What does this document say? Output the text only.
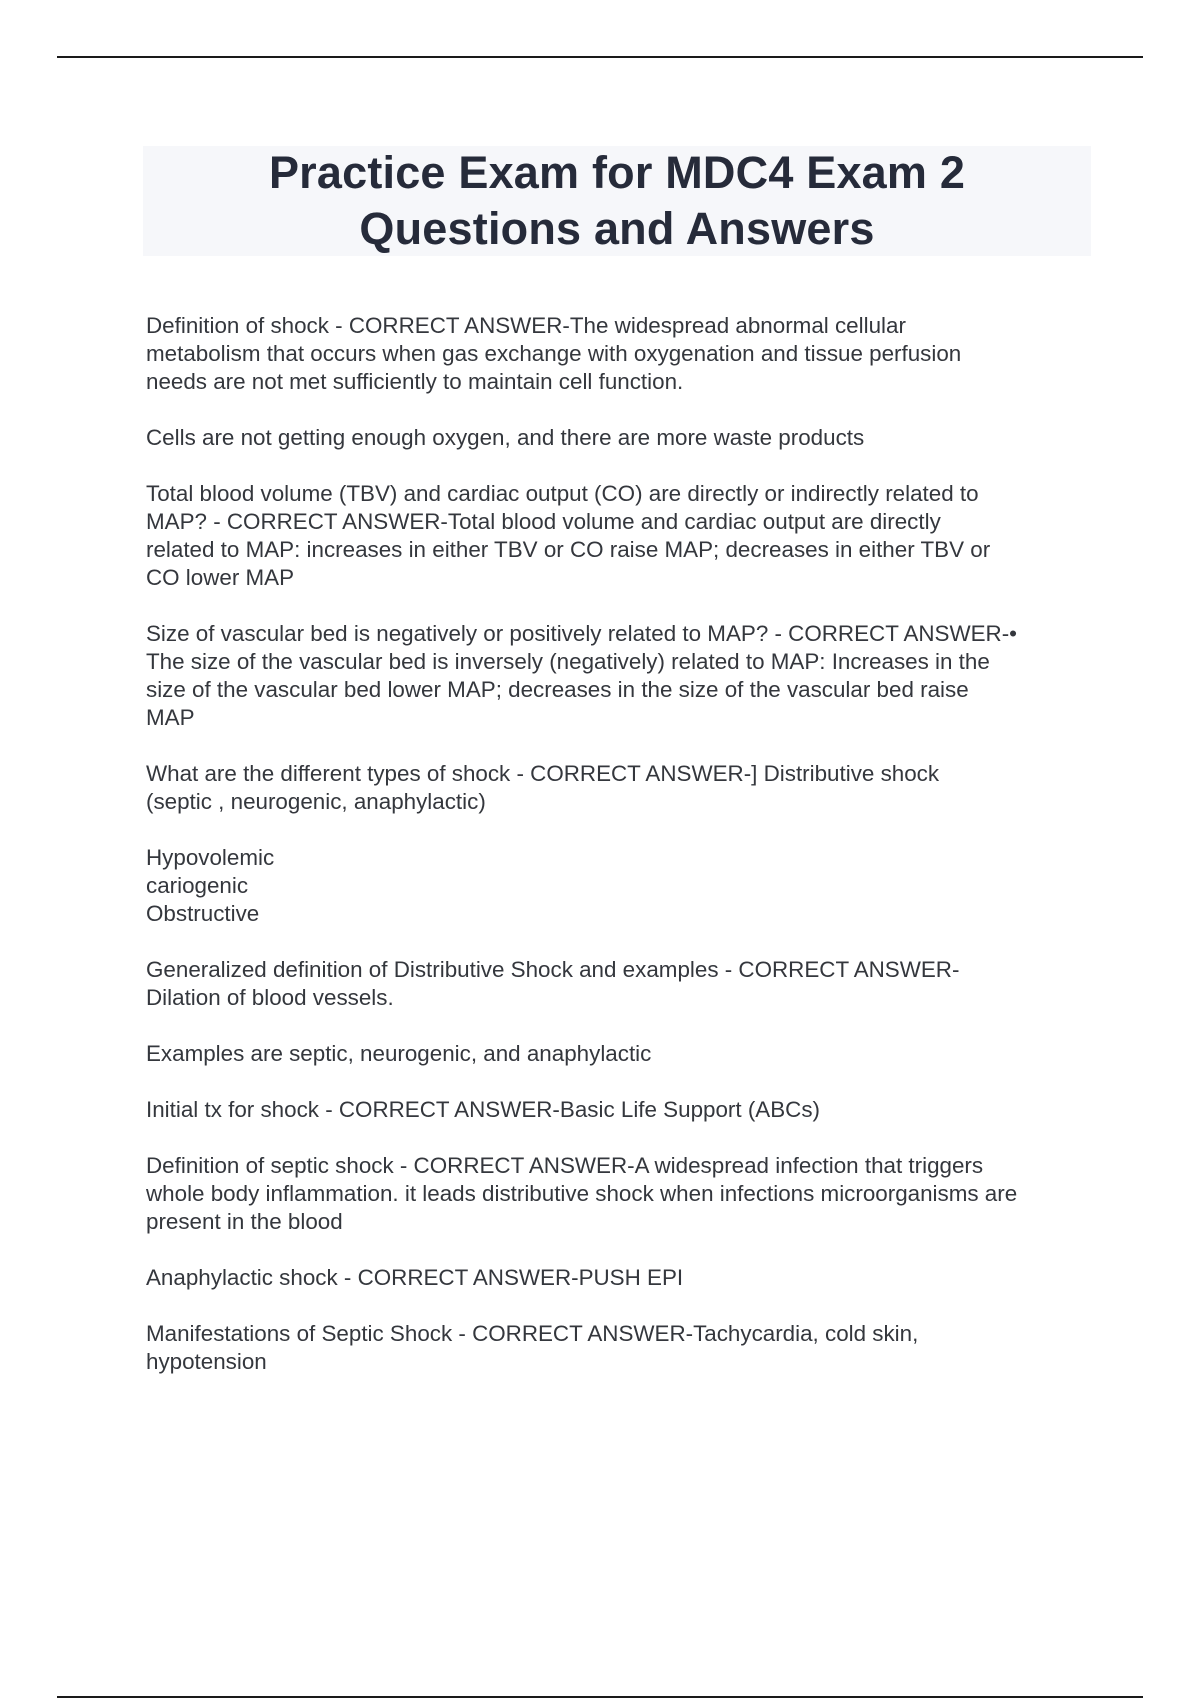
Practice Exam for MDC4 Exam 2
Questions and Answers

Definition of shock - CORRECT ANSWER-The widespread abnormal cellular
metabolism that occurs when gas exchange with oxygenation and tissue perfusion
needs are not met sufficiently to maintain cell function.

Cells are not getting enough oxygen, and there are more waste products

Total blood volume (TBV) and cardiac output (CO) are directly or indirectly related to
MAP? - CORRECT ANSWER-Total blood volume and cardiac output are directly
related to MAP: increases in either TBV or CO raise MAP; decreases in either TBV or
CO lower MAP

Size of vascular bed is negatively or positively related to MAP? - CORRECT ANSWER-•
The size of the vascular bed is inversely (negatively) related to MAP: Increases in the
size of the vascular bed lower MAP; decreases in the size of the vascular bed raise
MAP

What are the different types of shock - CORRECT ANSWER-] Distributive shock
(septic , neurogenic, anaphylactic)

Hypovolemic
cariogenic
Obstructive

Generalized definition of Distributive Shock and examples - CORRECT ANSWER-
Dilation of blood vessels.

Examples are septic, neurogenic, and anaphylactic

Initial tx for shock - CORRECT ANSWER-Basic Life Support (ABCs)

Definition of septic shock - CORRECT ANSWER-A widespread infection that triggers
whole body inflammation. it leads distributive shock when infections microorganisms are
present in the blood

Anaphylactic shock - CORRECT ANSWER-PUSH EPI

Manifestations of Septic Shock - CORRECT ANSWER-Tachycardia, cold skin,
hypotension
